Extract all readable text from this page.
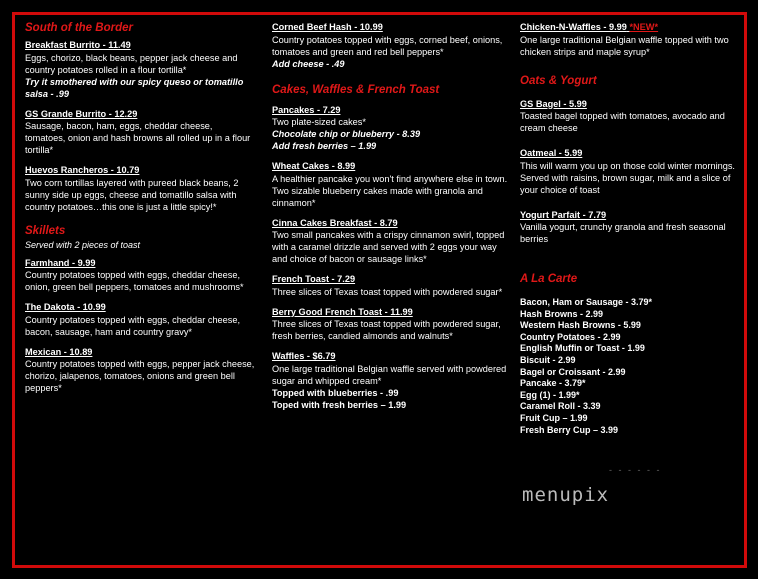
South of the Border
Breakfast Burrito - 11.49
Eggs, chorizo, black beans, pepper jack cheese and country potatoes rolled in a flour tortilla*
Try it smothered with our spicy queso or tomatillo salsa - .99
GS Grande Burrito - 12.29
Sausage, bacon, ham, eggs, cheddar cheese, tomatoes, onion and hash browns all rolled up in a flour tortilla*
Huevos Rancheros - 10.79
Two corn tortillas layered with pureed black beans, 2 sunny side up eggs, cheese and tomatillo salsa with country potatoes…this one is just a little spicy!*
Skillets
Served with 2 pieces of toast
Farmhand - 9.99
Country potatoes topped with eggs, cheddar cheese, onion, green bell peppers, tomatoes and mushrooms*
The Dakota - 10.99
Country potatoes topped with eggs, cheddar cheese, bacon, sausage, ham and country gravy*
Mexican - 10.89
Country potatoes topped with eggs, pepper jack cheese, chorizo, jalapenos, tomatoes, onions and green bell peppers*
Corned Beef Hash - 10.99
Country potatoes topped with eggs, corned beef, onions, tomatoes and green and red bell peppers*
Add cheese - .49
Cakes, Waffles & French Toast
Pancakes - 7.29
Two plate-sized cakes*
Chocolate chip or blueberry - 8.39
Add fresh berries – 1.99
Wheat Cakes - 8.99
A healthier pancake you won't find anywhere else in town. Two sizable blueberry cakes made with granola and cinnamon*
Cinna Cakes Breakfast - 8.79
Two small pancakes with a crispy cinnamon swirl, topped with a caramel drizzle and served with 2 eggs your way and choice of bacon or sausage links*
French Toast - 7.29
Three slices of Texas toast topped with powdered sugar*
Berry Good French Toast - 11.99
Three slices of Texas toast topped with powdered sugar, fresh berries, candied almonds and walnuts*
Waffles - $6.79
One large traditional Belgian waffle served with powdered sugar and whipped cream*
Topped with blueberries - .99
Toped with fresh berries – 1.99
Chicken-N-Waffles - 9.99 *NEW*
One large traditional Belgian waffle topped with two chicken strips and maple syrup*
Oats & Yogurt
GS Bagel - 5.99
Toasted bagel topped with tomatoes, avocado and cream cheese
Oatmeal - 5.99
This will warm you up on those cold winter mornings. Served with raisins, brown sugar, milk and a slice of your choice of toast
Yogurt Parfait - 7.79
Vanilla yogurt, crunchy granola and fresh seasonal berries
A La Carte
Bacon, Ham or Sausage - 3.79*
Hash Browns - 2.99
Western Hash Browns - 5.99
Country Potatoes - 2.99
English Muffin or Toast - 1.99
Biscuit - 2.99
Bagel or Croissant - 2.99
Pancake - 3.79*
Egg (1) - 1.99*
Caramel Roll - 3.39
Fruit Cup – 1.99
Fresh Berry Cup – 3.99
- - - - - -
menupix
